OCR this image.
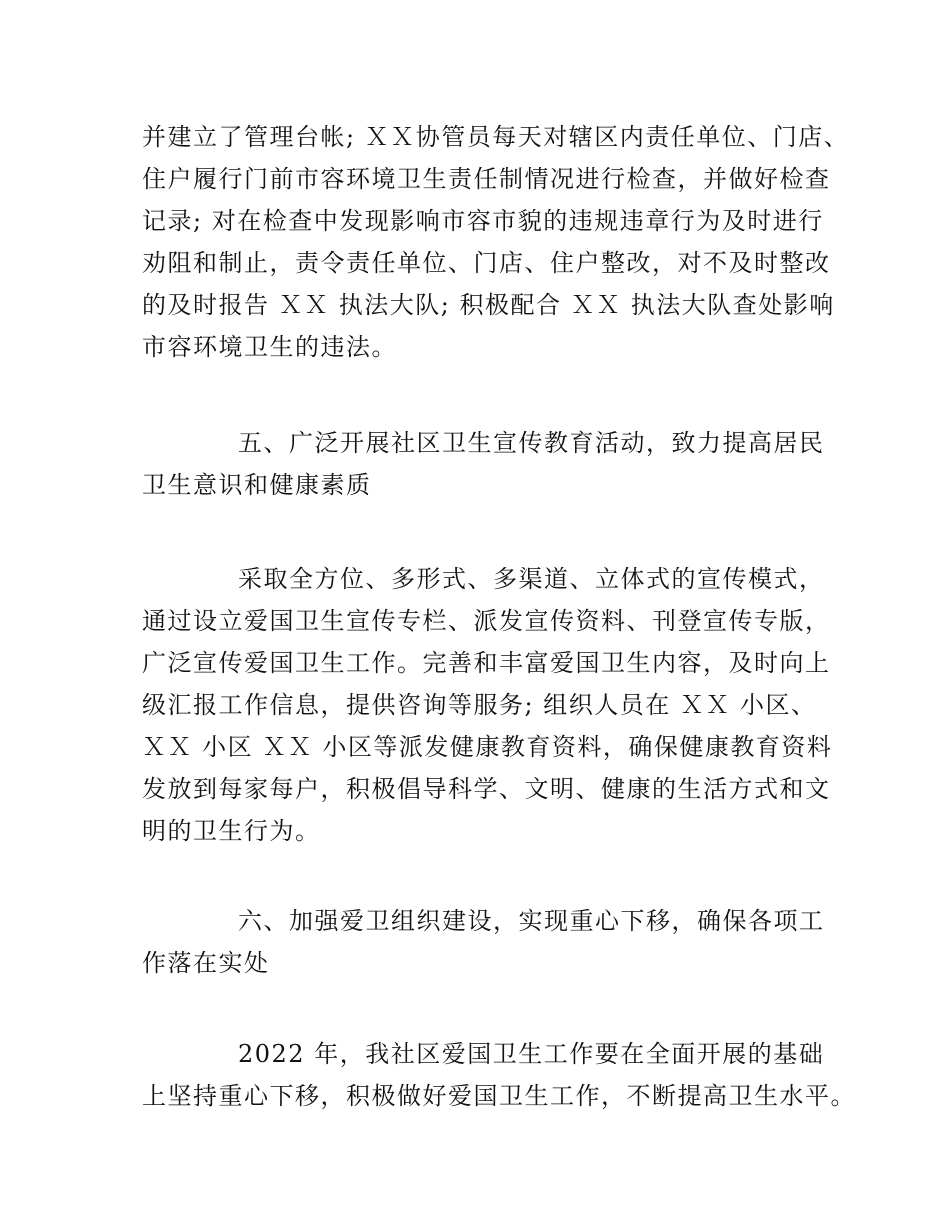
并建立了管理台帐; ＸＸ协管员每天对辖区内责任单位、门店、
住户履行门前市容环境卫生责任制情况进行检查，并做好检查
记录; 对在检查中发现影响市容市貌的违规违章行为及时进行
劝阻和制止，责令责任单位、门店、住户整改，对不及时整改
的及时报告 ＸＸ 执法大队; 积极配合 ＸＸ 执法大队查处影响
市容环境卫生的违法。
五、广泛开展社区卫生宣传教育活动，致力提高居民
卫生意识和健康素质
采取全方位、多形式、多渠道、立体式的宣传模式，
通过设立爱国卫生宣传专栏、派发宣传资料、刊登宣传专版，
广泛宣传爱国卫生工作。完善和丰富爱国卫生内容，及时向上
级汇报工作信息，提供咨询等服务; 组织人员在 ＸＸ 小区、
ＸＸ 小区 ＸＸ 小区等派发健康教育资料，确保健康教育资料
发放到每家每户，积极倡导科学、文明、健康的生活方式和文
明的卫生行为。
六、加强爱卫组织建设，实现重心下移，确保各项工
作落在实处
2022 年，我社区爱国卫生工作要在全面开展的基础
上坚持重心下移，积极做好爱国卫生工作，不断提高卫生水平。
